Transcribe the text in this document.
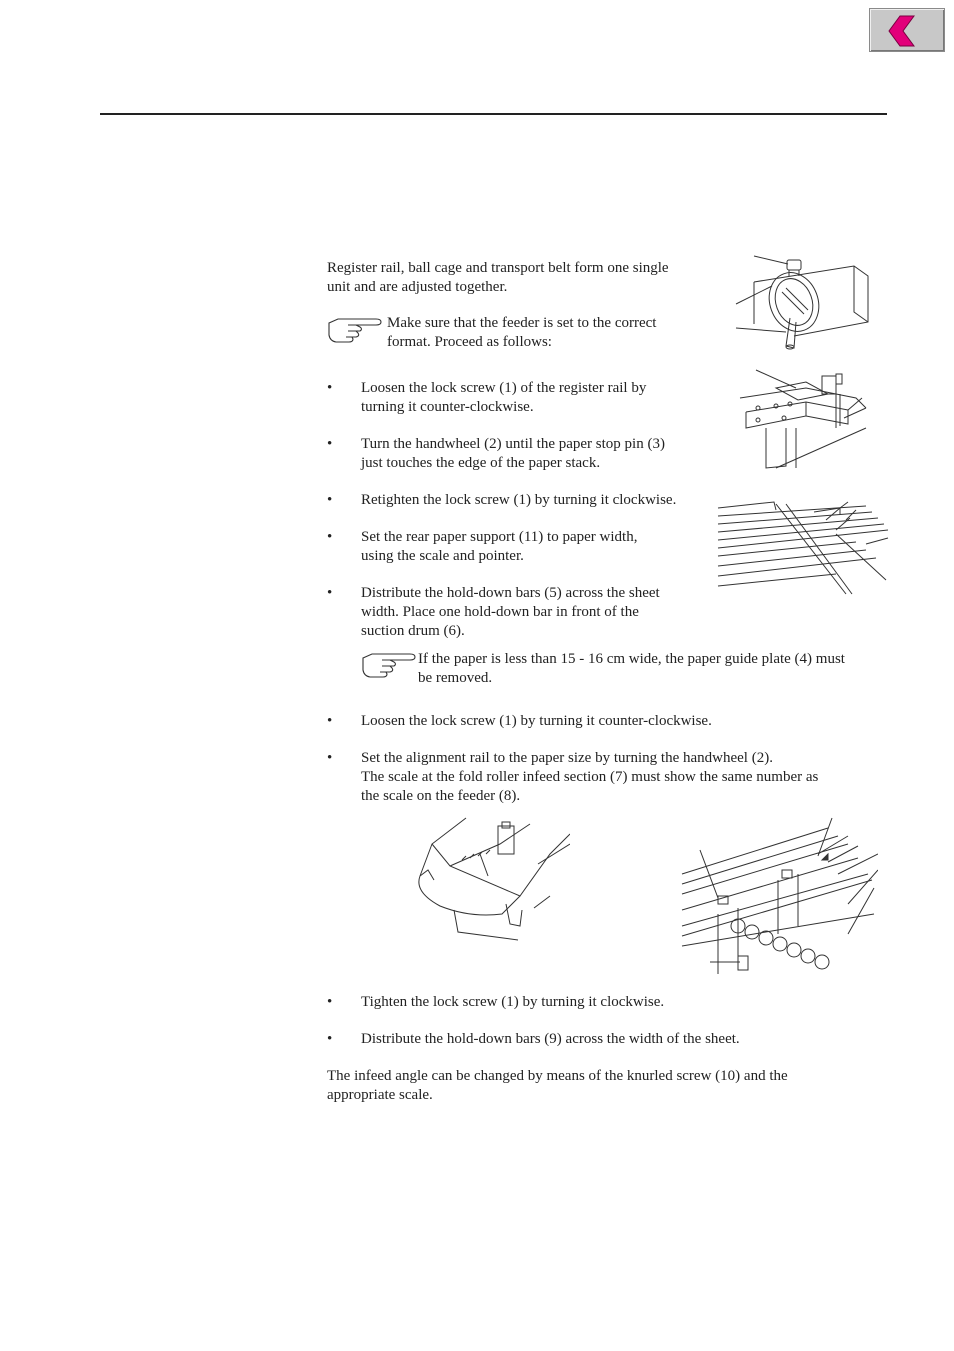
Register rail, ball cage and transport belt form one single
unit and are adjusted together.

Make sure that the feeder is set to the correct
format. Proceed as follows:

• Loosen the lock screw (1) of the register rail by
turning it counter-clockwise.
• Turn the handwheel (2) until the paper stop pin (3)
just touches the edge of the paper stack.
• Retighten the lock screw (1) by turning it clockwise.
• Set the rear paper support (11) to paper width,
using the scale and pointer.
• Distribute the hold-down bars (5) across the sheet
width. Place one hold-down bar in front of the
suction drum (6).

If the paper is less than 15 - 16 cm wide, the paper guide plate (4) must
be removed.

• Loosen the lock screw (1) by turning it counter-clockwise.
• Set the alignment rail to the paper size by turning the handwheel (2).
The scale at the fold roller infeed section (7) must show the same number as
the scale on the feeder (8).
• Tighten the lock screw (1) by turning it clockwise.
• Distribute the hold-down bars (9) across the width of the sheet.

The infeed angle can be changed by means of the knurled screw (10) and the
appropriate scale.
